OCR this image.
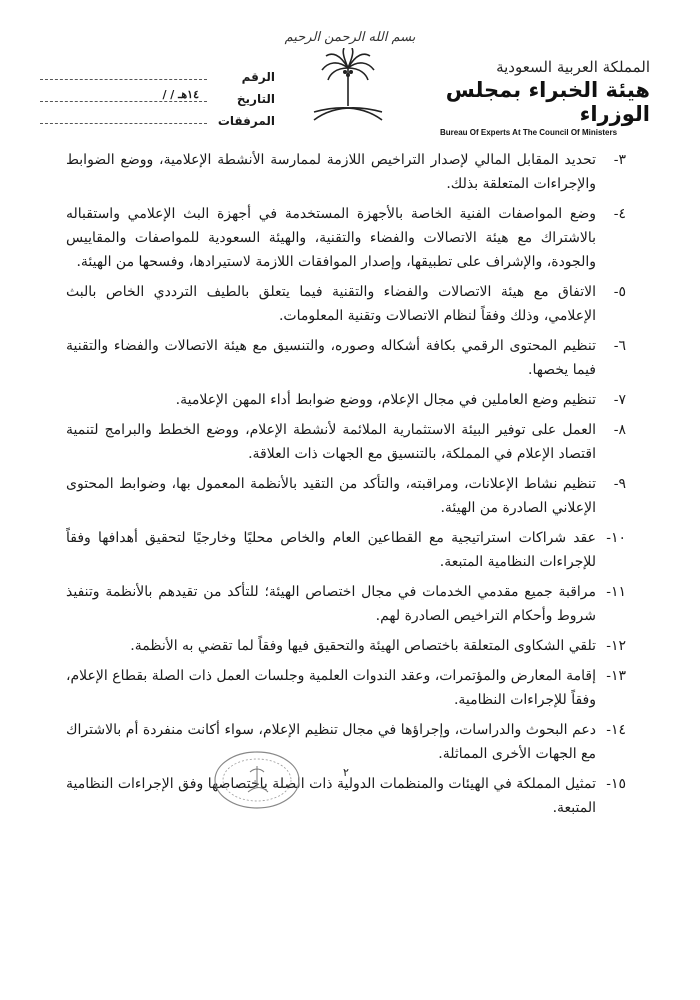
بسم الله الرحمن الرحيم
المملكة العربية السعودية
هيئة الخبراء بمجلس الوزراء
Bureau Of Experts At The Council Of Ministers
الرقم
التاريخ
/ / ١٤هـ
المرفقات
٣-
تحديد المقابل المالي لإصدار التراخيص اللازمة لممارسة الأنشطة الإعلامية، ووضع الضوابط والإجراءات المتعلقة بذلك.
٤-
وضع المواصفات الفنية الخاصة بالأجهزة المستخدمة في أجهزة البث الإعلامي واستقباله بالاشتراك مع هيئة الاتصالات والفضاء والتقنية، والهيئة السعودية للمواصفات والمقاييس والجودة، والإشراف على تطبيقها، وإصدار الموافقات اللازمة لاستيرادها، وفسحها من الهيئة.
٥-
الاتفاق مع هيئة الاتصالات والفضاء والتقنية فيما يتعلق بالطيف الترددي الخاص بالبث الإعلامي، وذلك وفقاً لنظام الاتصالات وتقنية المعلومات.
٦-
تنظيم المحتوى الرقمي بكافة أشكاله وصوره، والتنسيق مع هيئة الاتصالات والفضاء والتقنية فيما يخصها.
٧-
تنظيم وضع العاملين في مجال الإعلام، ووضع ضوابط أداء المهن الإعلامية.
٨-
العمل على توفير البيئة الاستثمارية الملائمة لأنشطة الإعلام، ووضع الخطط والبرامج لتنمية اقتصاد الإعلام في المملكة، بالتنسيق مع الجهات ذات العلاقة.
٩-
تنظيم نشاط الإعلانات، ومراقبته، والتأكد من التقيد بالأنظمة المعمول بها، وضوابط المحتوى الإعلاني الصادرة من الهيئة.
١٠-
عقد شراكات استراتيجية مع القطاعين العام والخاص محليًا وخارجيًا لتحقيق أهدافها وفقاً للإجراءات النظامية المتبعة.
١١-
مراقبة جميع مقدمي الخدمات في مجال اختصاص الهيئة؛ للتأكد من تقيدهم بالأنظمة وتنفيذ شروط وأحكام التراخيص الصادرة لهم.
١٢-
تلقي الشكاوى المتعلقة باختصاص الهيئة والتحقيق فيها وفقاً لما تقضي به الأنظمة.
١٣-
إقامة المعارض والمؤتمرات، وعقد الندوات العلمية وجلسات العمل ذات الصلة بقطاع الإعلام، وفقاً للإجراءات النظامية.
١٤-
دعم البحوث والدراسات، وإجراؤها في مجال تنظيم الإعلام، سواء أكانت منفردة أم بالاشتراك مع الجهات الأخرى المماثلة.
١٥-
تمثيل المملكة في الهيئات والمنظمات الدولية ذات الصلة باختصاصها وفق الإجراءات النظامية المتبعة.
٢
